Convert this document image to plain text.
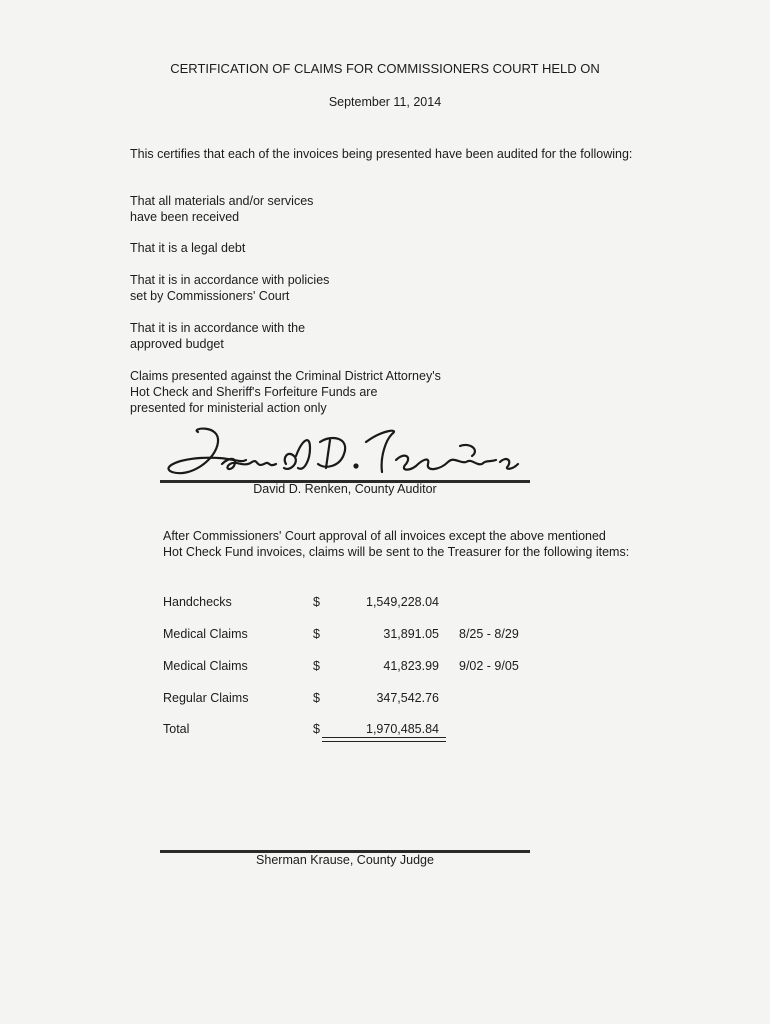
CERTIFICATION OF CLAIMS FOR COMMISSIONERS COURT HELD ON
September 11, 2014
This certifies that each of the invoices being presented have been audited for the following:
That all materials and/or services
have been received
That it is a legal debt
That it is in accordance with policies
set by Commissioners' Court
That it is in accordance with the
approved budget
Claims presented against the Criminal District Attorney's
Hot Check and Sheriff's Forfeiture Funds are
presented for ministerial action only
David D. Renken, County Auditor
After Commissioners' Court approval of all invoices except the above mentioned
Hot Check Fund invoices, claims will be sent to the Treasurer for the following items:
Handchecks	$	1,549,228.04
Medical Claims	$	31,891.05 8/25 - 8/29
Medical Claims	$	41,823.99 9/02 - 9/05
Regular Claims	$	347,542.76
Total	$	1,970,485.84
Sherman Krause, County Judge
